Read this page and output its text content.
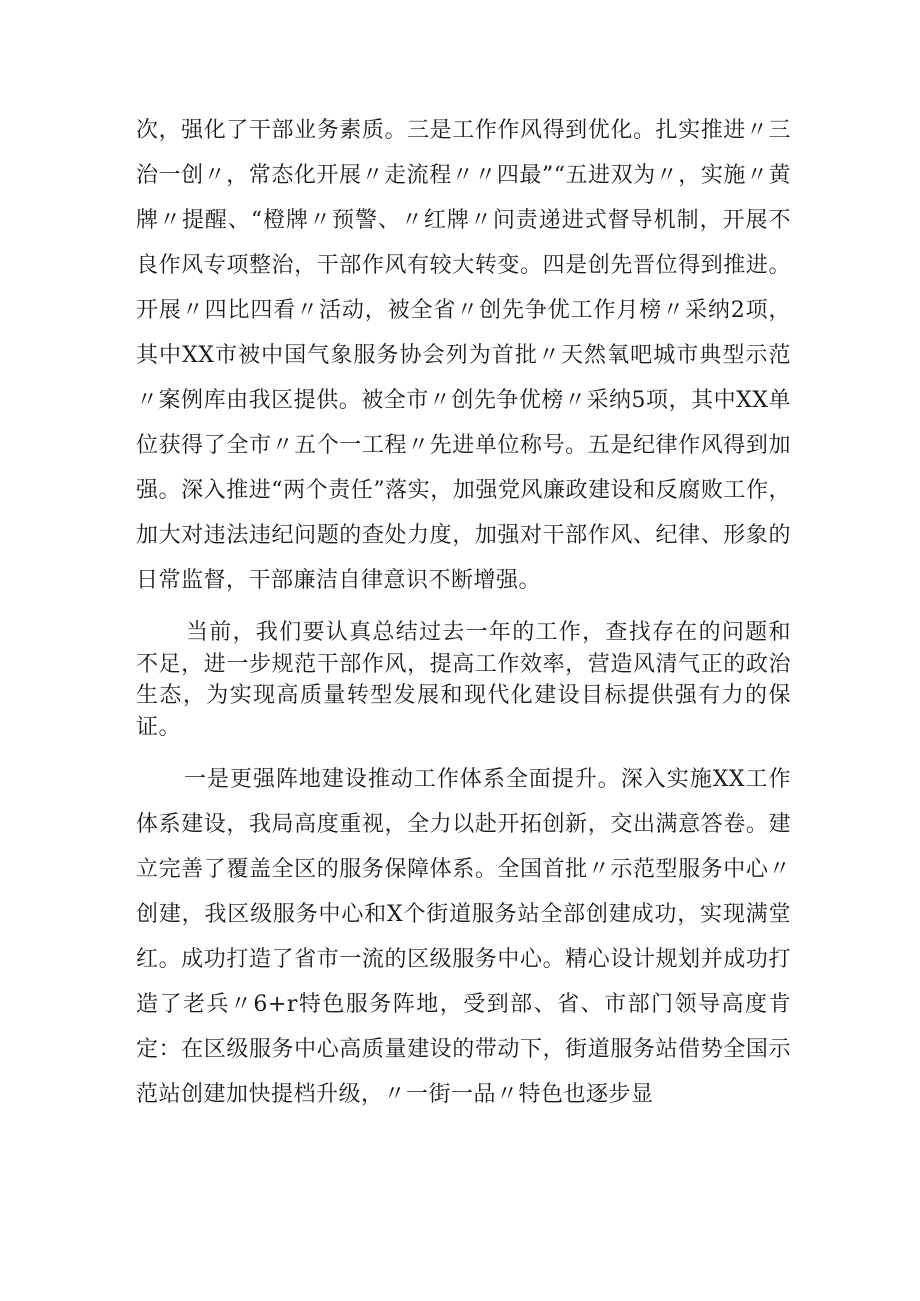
次，强化了干部业务素质。三是工作作风得到优化。扎实推进〃三治一创〃，常态化开展〃走流程〃〃四最”“五进双为〃，实施〃黄牌〃提醒、“橙牌〃预警、〃红牌〃问责递进式督导机制，开展不良作风专项整治，干部作风有较大转变。四是创先晋位得到推进。开展〃四比四看〃活动，被全省〃创先争优工作月榜〃采纳2项，其中XX市被中国气象服务协会列为首批〃天然氧吧城市典型示范〃案例库由我区提供。被全市〃创先争优榜〃采纳5项，其中XX单位获得了全市〃五个一工程〃先进单位称号。五是纪律作风得到加强。深入推进“两个责任”落实，加强党风廉政建设和反腐败工作，加大对违法违纪问题的查处力度，加强对干部作风、纪律、形象的日常监督，干部廉洁自律意识不断增强。

当前，我们要认真总结过去一年的工作，查找存在的问题和不足，进一步规范干部作风，提高工作效率，营造风清气正的政治生态，为实现高质量转型发展和现代化建设目标提供强有力的保证。

一是更强阵地建设推动工作体系全面提升。深入实施XX工作体系建设，我局高度重视，全力以赴开拓创新，交出满意答卷。建立完善了覆盖全区的服务保障体系。全国首批〃示范型服务中心〃创建，我区级服务中心和X个街道服务站全部创建成功，实现满堂红。成功打造了省市一流的区级服务中心。精心设计规划并成功打造了老兵〃6+r特色服务阵地，受到部、省、市部门领导高度肯定：在区级服务中心高质量建设的带动下，街道服务站借势全国示范站创建加快提档升级，〃一街一品〃特色也逐步显
